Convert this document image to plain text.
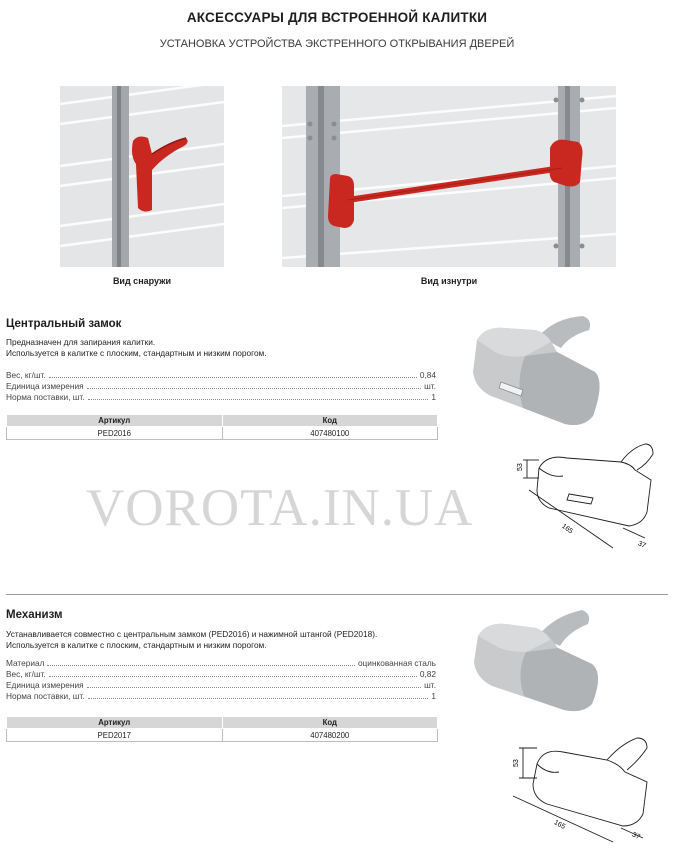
АКСЕССУАРЫ ДЛЯ ВСТРОЕННОЙ КАЛИТКИ
УСТАНОВКА УСТРОЙСТВА ЭКСТРЕННОГО ОТКРЫВАНИЯ ДВЕРЕЙ
Вид снаружи	Вид изнутри
Центральный замок
Предназначен для запирания калитки.
Используется в калитке с плоским, стандартным и низким порогом.
Вес, кг/шт.	0,84
Единица измерения	шт.
Норма поставки, шт.	1
Артикул	Код
PED2016	407480100
53
165
37
VOROTA.IN.UA
Механизм
Устанавливается совместно с центральным замком (PED2016) и нажимной штангой (PED2018).
Используется в калитке с плоским, стандартным и низким порогом.
Материал	оцинкованная сталь
Вес, кг/шт.	0,82
Единица измерения	шт.
Норма поставки, шт.	1
Артикул	Код
PED2017	407480200
53
165
37
